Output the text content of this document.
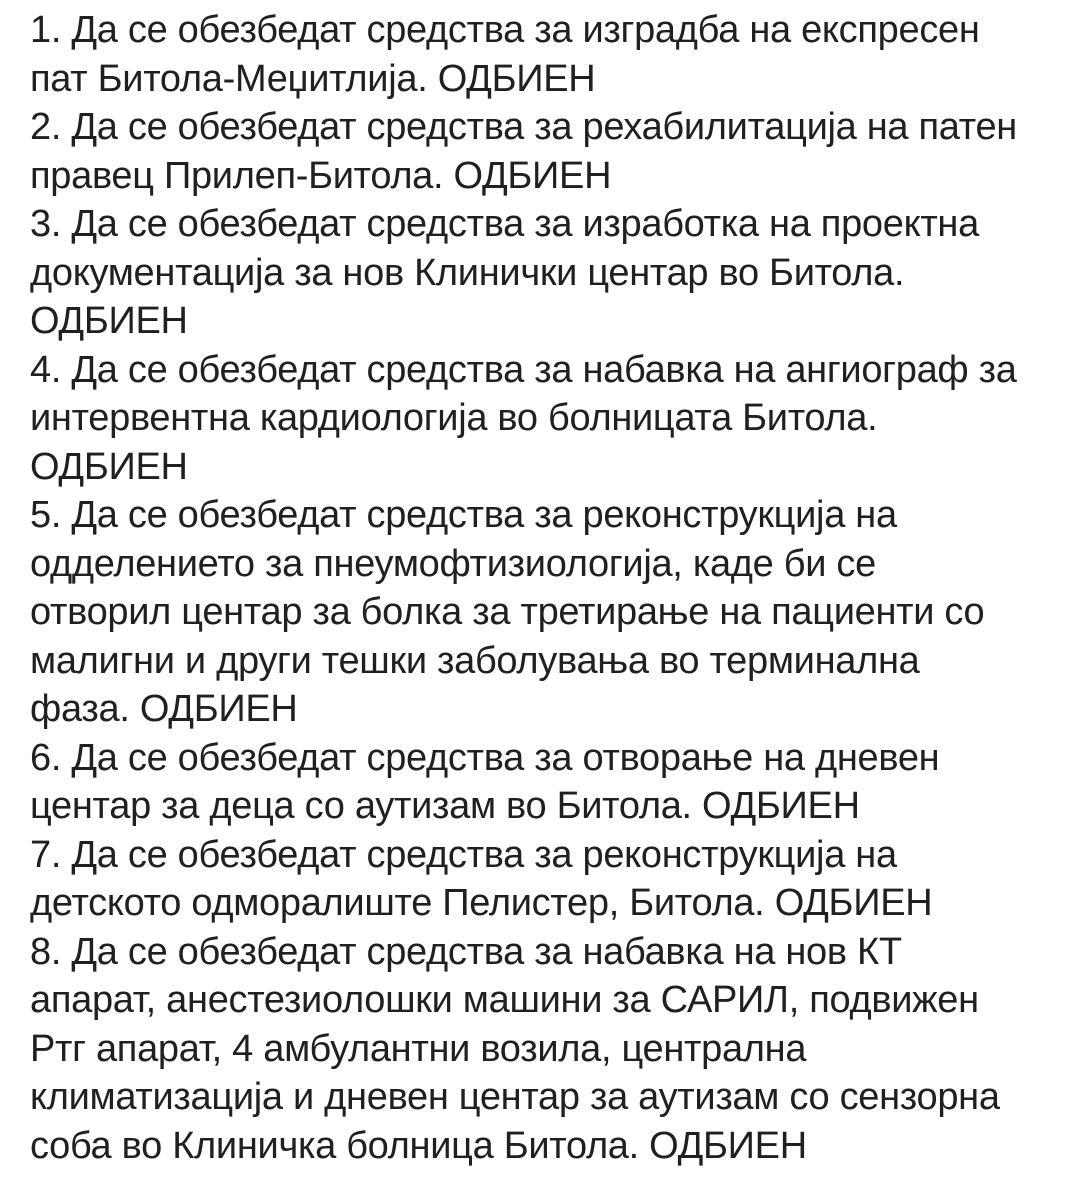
1. Да се обезбедат средства за изградба на експресен
пат Битола-Меџитлија. ОДБИЕН
2. Да се обезбедат средства за рехабилитација на патен
правец Прилеп-Битола. ОДБИЕН
3. Да се обезбедат средства за изработка на проектна
документација за нов Клинички центар во Битола.
ОДБИЕН
4. Да се обезбедат средства за набавка на ангиограф за
интервентна кардиологија во болницата Битола.
ОДБИЕН
5. Да се обезбедат средства за реконструкција на
одделението за пнеумофтизиологија, каде би се
отворил центар за болка за третирање на пациенти со
малигни и други тешки заболувања во терминална
фаза. ОДБИЕН
6. Да се обезбедат средства за отворање на дневен
центар за деца со аутизам во Битола. ОДБИЕН
7. Да се обезбедат средства за реконструкција на
детското одморалиште Пелистер, Битола. ОДБИЕН
8. Да се обезбедат средства за набавка на нов КТ
апарат, анестезиолошки машини за САРИЛ, подвижен
Ртг апарат, 4 амбулантни возила, централна
климатизација и дневен центар за аутизам со сензорна
соба во Клиничка болница Битола. ОДБИЕН
